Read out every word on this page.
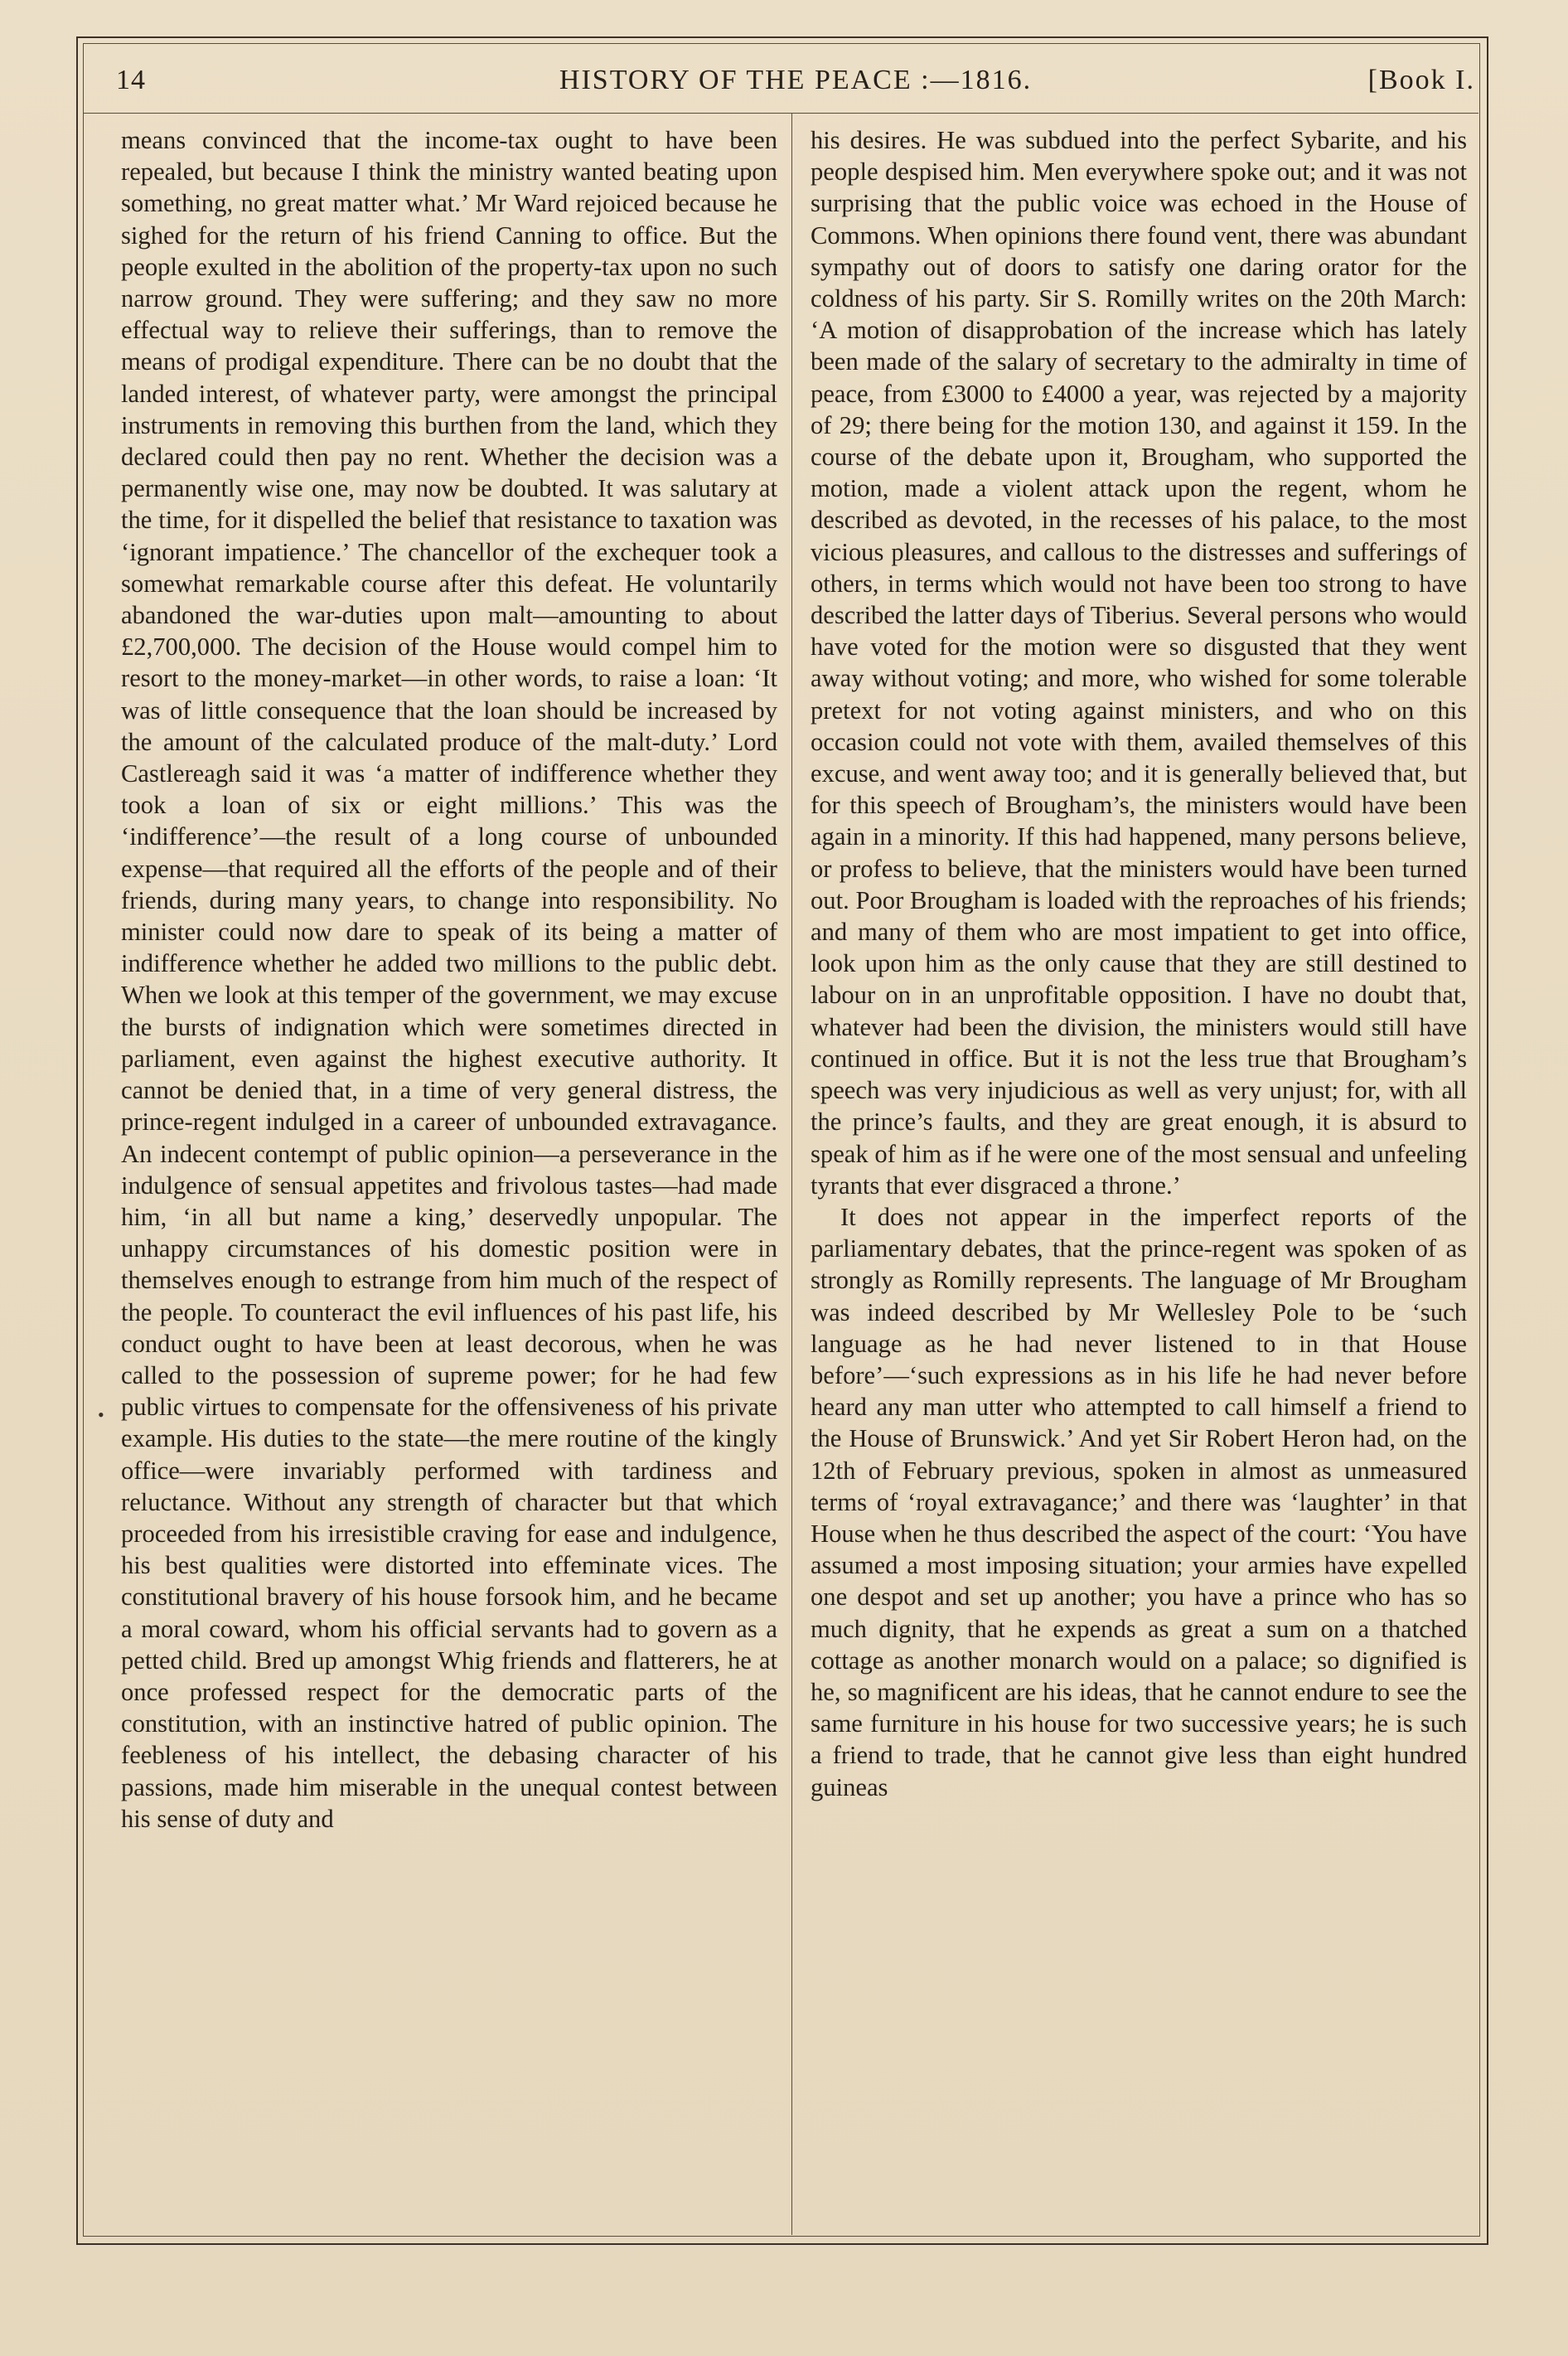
HISTORY OF THE PEACE :—1816.
14	[Book I.
•

means convinced that the income-tax ought to have been repealed, but because I think the ministry wanted beating upon something, no great matter what.’ Mr Ward rejoiced because he sighed for the return of his friend Canning to office. But the people exulted in the abolition of the property-tax upon no such narrow ground. They were suffering; and they saw no more effectual way to relieve their sufferings, than to remove the means of prodigal expenditure. There can be no doubt that the landed interest, of whatever party, were amongst the principal instruments in removing this burthen from the land, which they declared could then pay no rent. Whether the decision was a permanently wise one, may now be doubted. It was salutary at the time, for it dispelled the belief that resistance to taxation was ‘ignorant impatience.’ The chancellor of the exchequer took a somewhat remarkable course after this defeat. He voluntarily abandoned the war-duties upon malt—amounting to about £2,700,000. The decision of the House would compel him to resort to the money-market—in other words, to raise a loan: ‘It was of little consequence that the loan should be increased by the amount of the calculated produce of the malt-duty.’ Lord Castlereagh said it was ‘a matter of indifference whether they took a loan of six or eight millions.’ This was the ‘indifference’—the result of a long course of unbounded expense—that required all the efforts of the people and of their friends, during many years, to change into responsibility. No minister could now dare to speak of its being a matter of indifference whether he added two millions to the public debt. When we look at this temper of the government, we may excuse the bursts of indignation which were sometimes directed in parliament, even against the highest executive authority. It cannot be denied that, in a time of very general distress, the prince-regent indulged in a career of unbounded extravagance. An indecent contempt of public opinion—a perseverance in the indulgence of sensual appetites and frivolous tastes—had made him, ‘in all but name a king,’ deservedly unpopular. The unhappy circumstances of his domestic position were in themselves enough to estrange from him much of the respect of the people. To counteract the evil influences of his past life, his conduct ought to have been at least decorous, when he was called to the possession of supreme power; for he had few public virtues to compensate for the offensiveness of his private example. His duties to the state—the mere routine of the kingly office—were invariably performed with tardiness and reluctance. Without any strength of character but that which proceeded from his irresistible craving for ease and indulgence, his best qualities were distorted into effeminate vices. The constitutional bravery of his house forsook him, and he became a moral coward, whom his official servants had to govern as a petted child. Bred up amongst Whig friends and flatterers, he at once professed respect for the democratic parts of the constitution, with an instinctive hatred of public opinion. The feebleness of his intellect, the debasing character of his passions, made him miserable in the unequal contest between his sense of duty and

his desires. He was subdued into the perfect Sybarite, and his people despised him. Men everywhere spoke out; and it was not surprising that the public voice was echoed in the House of Commons. When opinions there found vent, there was abundant sympathy out of doors to satisfy one daring orator for the coldness of his party. Sir S. Romilly writes on the 20th March: ‘A motion of disapprobation of the increase which has lately been made of the salary of secretary to the admiralty in time of peace, from £3000 to £4000 a year, was rejected by a majority of 29; there being for the motion 130, and against it 159. In the course of the debate upon it, Brougham, who supported the motion, made a violent attack upon the regent, whom he described as devoted, in the recesses of his palace, to the most vicious pleasures, and callous to the distresses and sufferings of others, in terms which would not have been too strong to have described the latter days of Tiberius. Several persons who would have voted for the motion were so disgusted that they went away without voting; and more, who wished for some tolerable pretext for not voting against ministers, and who on this occasion could not vote with them, availed themselves of this excuse, and went away too; and it is generally believed that, but for this speech of Brougham’s, the ministers would have been again in a minority. If this had happened, many persons believe, or profess to believe, that the ministers would have been turned out. Poor Brougham is loaded with the reproaches of his friends; and many of them who are most impatient to get into office, look upon him as the only cause that they are still destined to labour on in an unprofitable opposition. I have no doubt that, whatever had been the division, the ministers would still have continued in office. But it is not the less true that Brougham’s speech was very injudicious as well as very unjust; for, with all the prince’s faults, and they are great enough, it is absurd to speak of him as if he were one of the most sensual and unfeeling tyrants that ever disgraced a throne.’

It does not appear in the imperfect reports of the parliamentary debates, that the prince-regent was spoken of as strongly as Romilly represents. The language of Mr Brougham was indeed described by Mr Wellesley Pole to be ‘such language as he had never listened to in that House before’—‘such expressions as in his life he had never before heard any man utter who attempted to call himself a friend to the House of Brunswick.’ And yet Sir Robert Heron had, on the 12th of February previous, spoken in almost as unmeasured terms of ‘royal extravagance;’ and there was ‘laughter’ in that House when he thus described the aspect of the court: ‘You have assumed a most imposing situation; your armies have expelled one despot and set up another; you have a prince who has so much dignity, that he expends as great a sum on a thatched cottage as another monarch would on a palace; so dignified is he, so magnificent are his ideas, that he cannot endure to see the same furniture in his house for two successive years; he is such a friend to trade, that he cannot give less than eight hundred guineas
